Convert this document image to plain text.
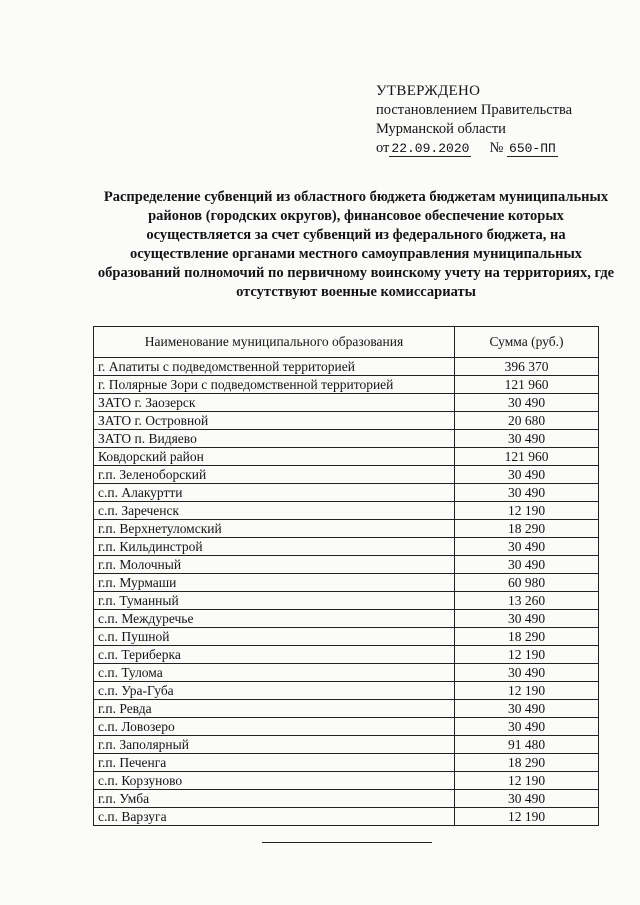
УТВЕРЖДЕНО
постановлением Правительства
Мурманской области
от 22.09.2020 № 650-ПП
Распределение субвенций из областного бюджета бюджетам муниципальных районов (городских округов), финансовое обеспечение которых осуществляется за счет субвенций из федерального бюджета, на осуществление органами местного самоуправления муниципальных образований полномочий по первичному воинскому учету на территориях, где отсутствуют военные комиссариаты
Наименование муниципального образования	Сумма (руб.)
г. Апатиты с подведомственной территорией	396 370
г. Полярные Зори с подведомственной территорией	121 960
ЗАТО г. Заозерск	30 490
ЗАТО г. Островной	20 680
ЗАТО п. Видяево	30 490
Ковдорский район	121 960
г.п. Зеленоборский	30 490
с.п. Алакуртти	30 490
с.п. Зареченск	12 190
г.п. Верхнетуломский	18 290
г.п. Кильдинстрой	30 490
г.п. Молочный	30 490
г.п. Мурмаши	60 980
г.п. Туманный	13 260
с.п. Междуречье	30 490
с.п. Пушной	18 290
с.п. Териберка	12 190
с.п. Тулома	30 490
с.п. Ура-Губа	12 190
г.п. Ревда	30 490
с.п. Ловозеро	30 490
г.п. Заполярный	91 480
г.п. Печенга	18 290
с.п. Корзуново	12 190
г.п. Умба	30 490
с.п. Варзуга	12 190
